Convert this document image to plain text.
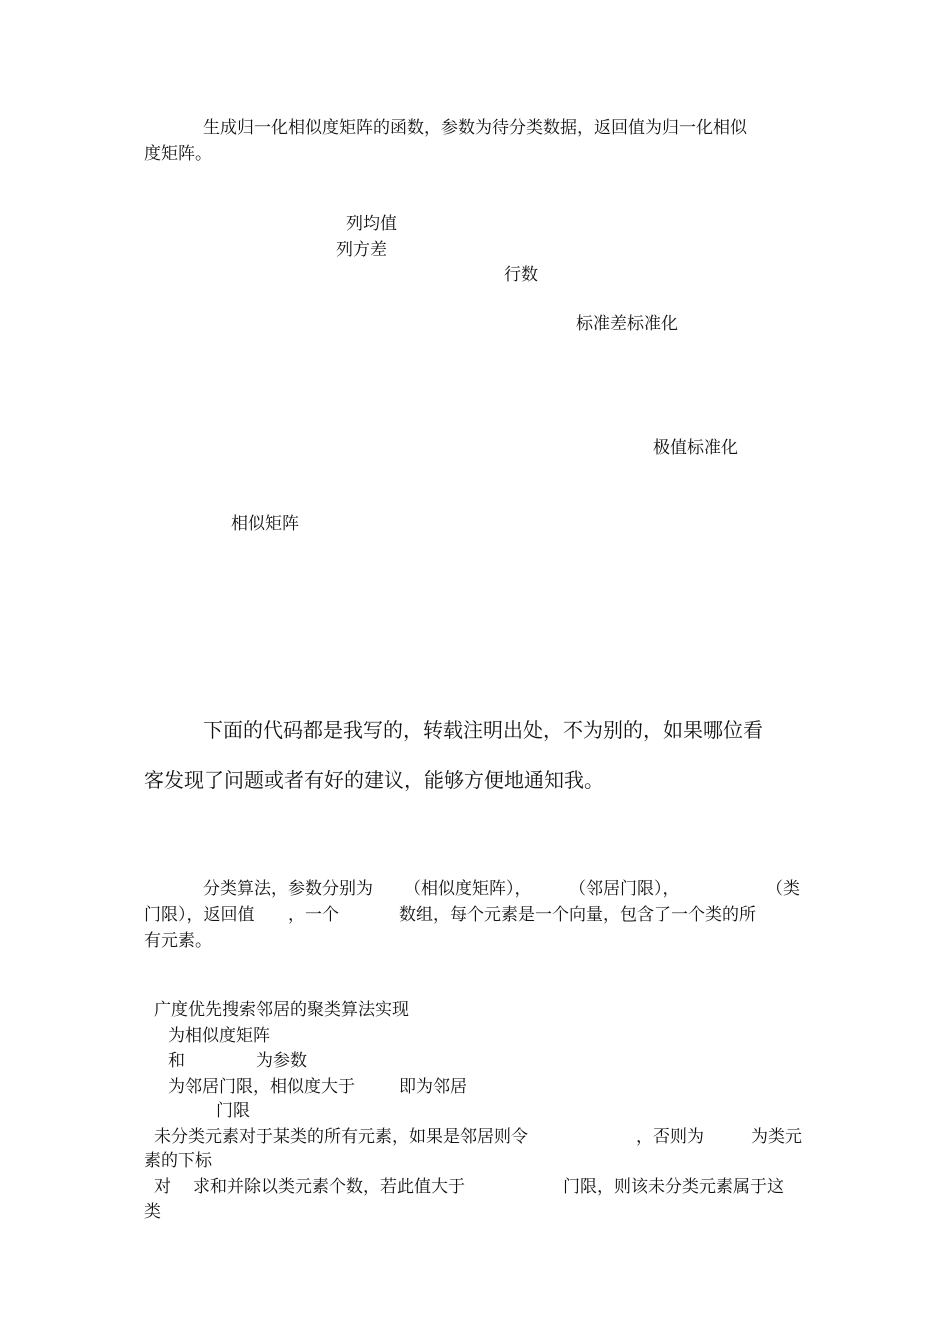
生成归一化相似度矩阵的函数，参数为待分类数据，返回值为归一化相似
度矩阵。
列均值
列方差
行数
标准差标准化
极值标准化
相似矩阵
下面的代码都是我写的，转载注明出处，不为别的，如果哪位看
客发现了问题或者有好的建议，能够方便地通知我。
分类算法，参数分别为 （相似度矩阵）， （邻居门限），	（类
门限），返回值 ，一个	数组，每个元素是一个向量，包含了一个类的所
有元素。
广度优先搜索邻居的聚类算法实现
为相似度矩阵
和	为参数
为邻居门限，相似度大于	即为邻居
门限
未分类元素对于某类的所有元素，如果是邻居则令	，否则为	为类元
素的下标
对 求和并除以类元素个数，若此值大于	门限，则该未分类元素属于这
类
